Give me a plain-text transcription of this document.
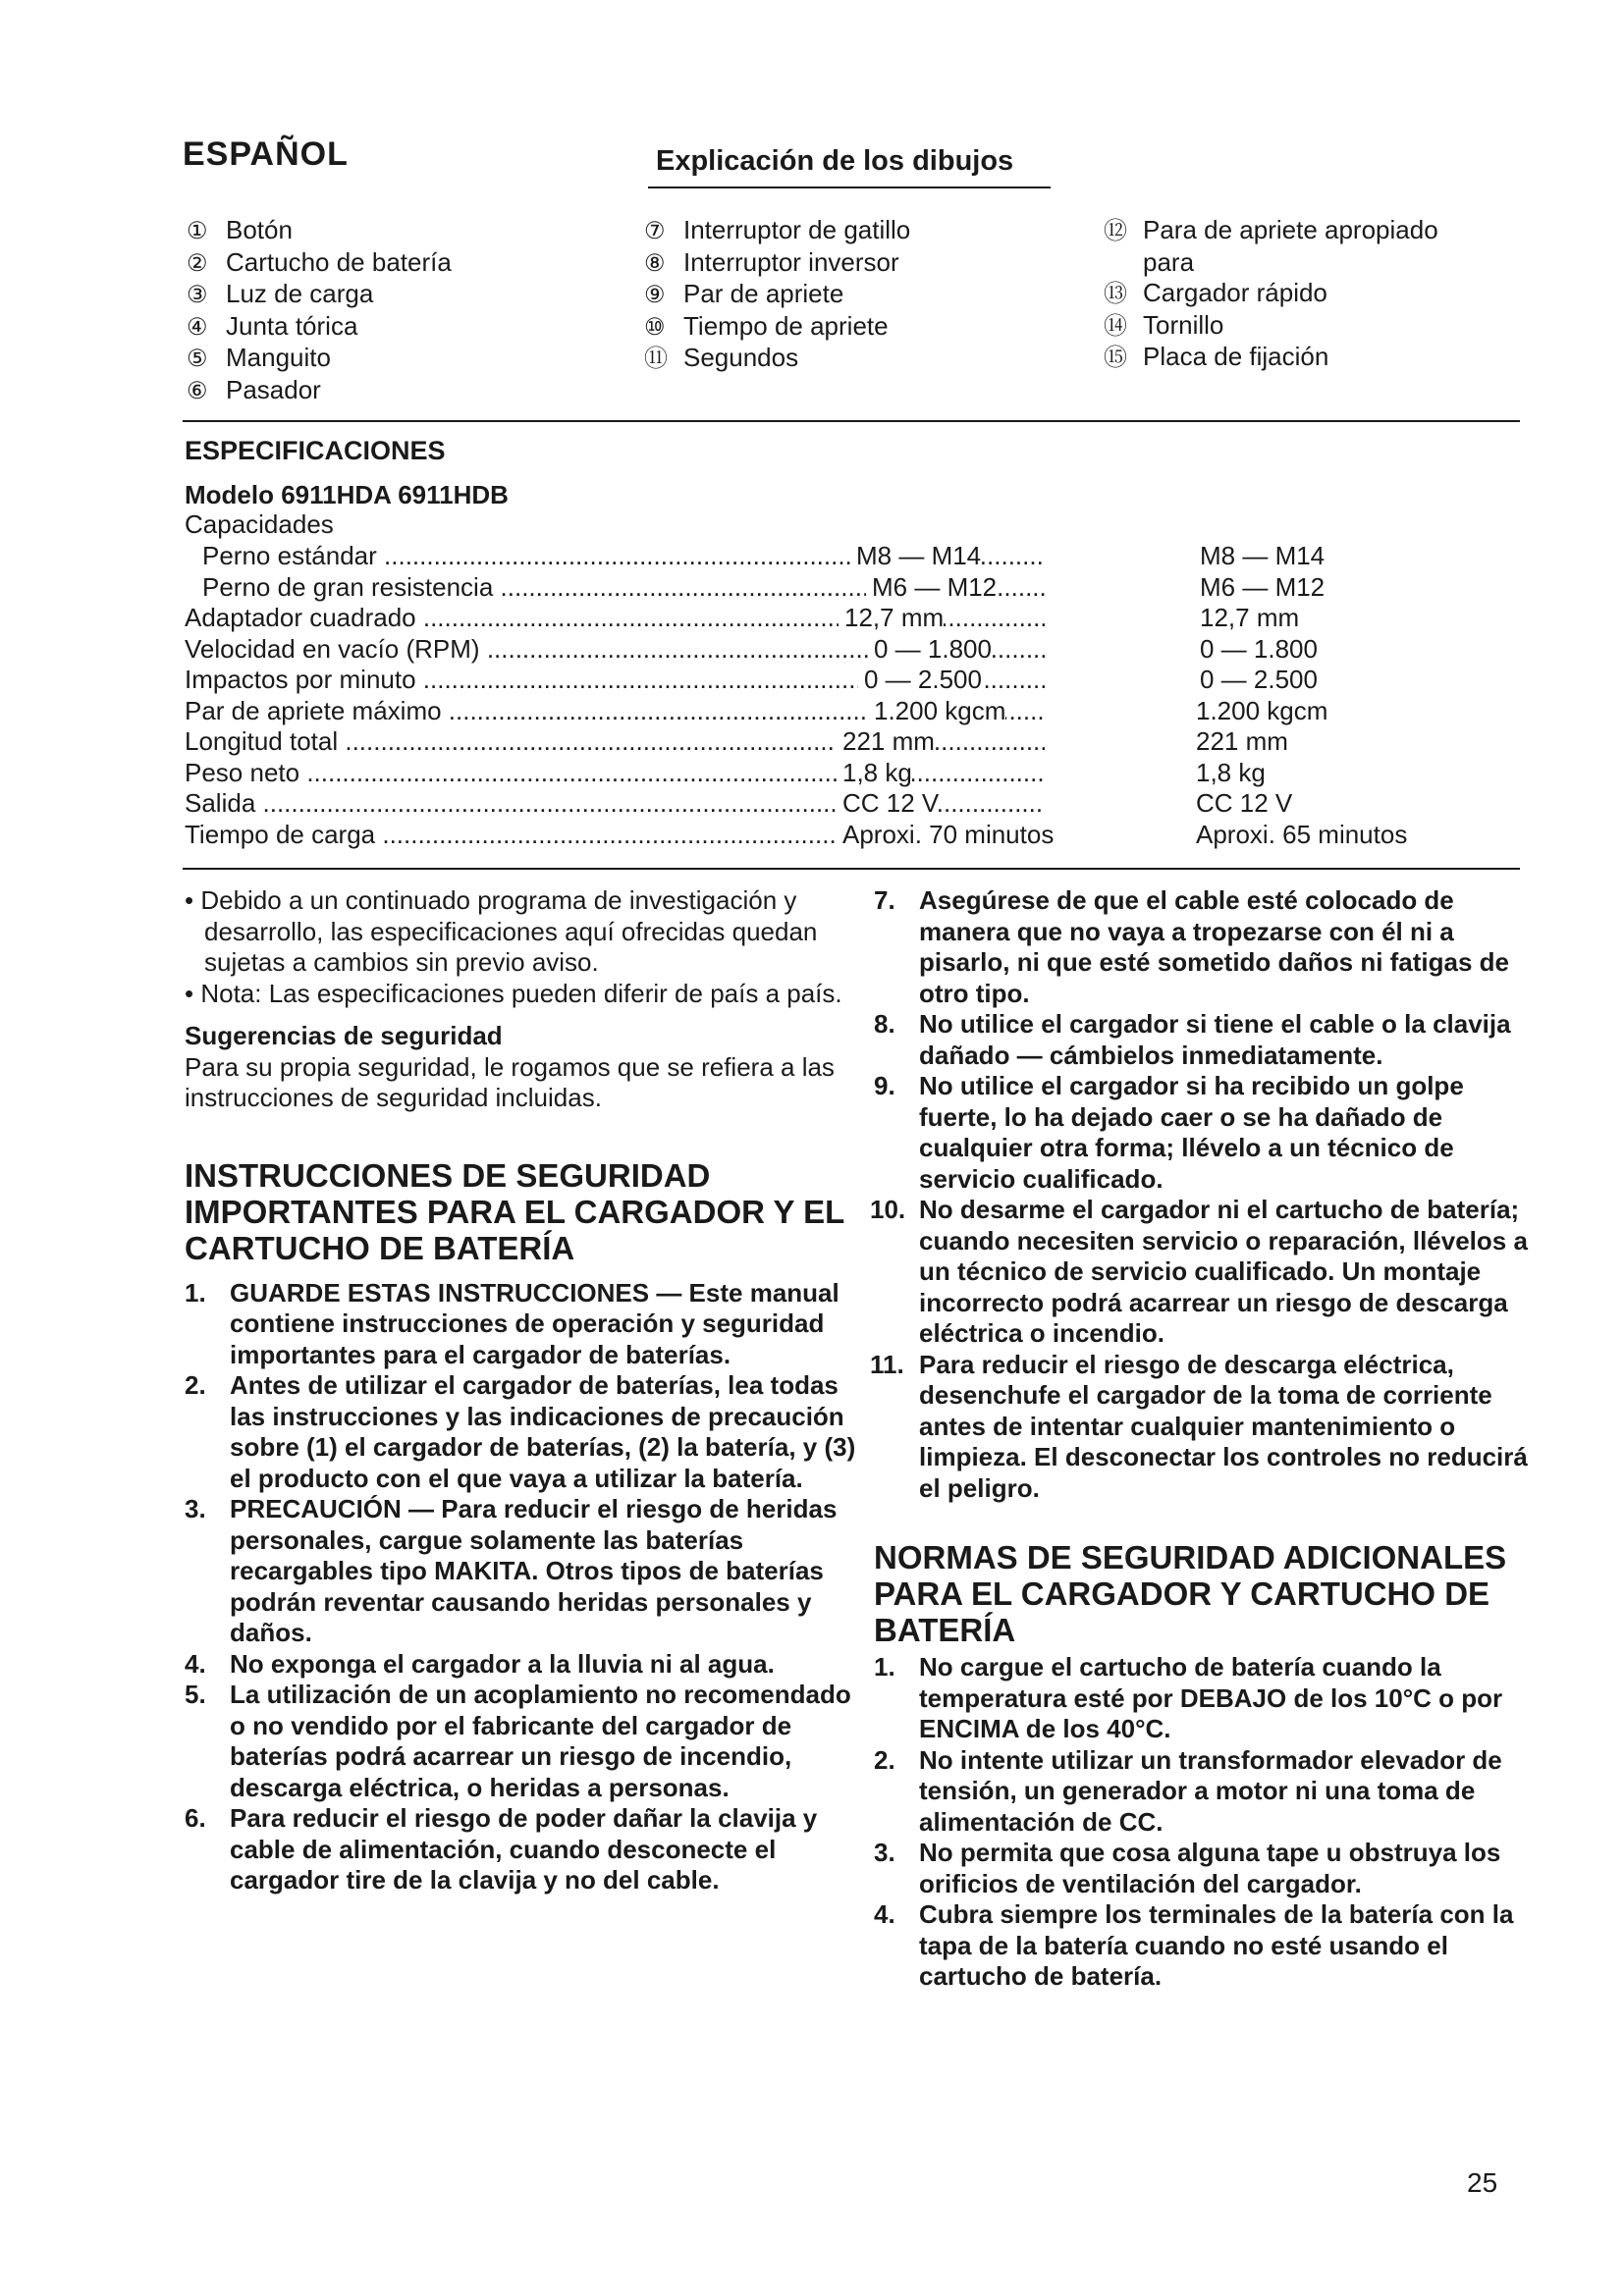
ESPAÑOL	Explicación de los dibujos
① Botón
② Cartucho de batería
③ Luz de carga
④ Junta tórica
⑤ Manguito
⑥ Pasador
⑦ Interruptor de gatillo
⑧ Interruptor inversor
⑨ Par de apriete
⑩ Tiempo de apriete
⑪ Segundos
⑫ Para de apriete apropiado
para
⑬ Cargador rápido
⑭ Tornillo
⑮ Placa de fijación
ESPECIFICACIONES
Modelo 6911HDA 6911HDB
Capacidades
Perno estándar .....	M8 — M14	M8 — M14
Perno de gran resistencia .....	M6 — M12	M6 — M12
Adaptador cuadrado .....	12,7 mm	12,7 mm
Velocidad en vacío (RPM) .....	0 — 1.800	0 — 1.800
Impactos por minuto .....	0 — 2.500	0 — 2.500
Par de apriete máximo .....	1.200 kgcm	1.200 kgcm
Longitud total .....	221 mm	221 mm
Peso neto .....	1,8 kg	1,8 kg
Salida .....	CC 12 V	CC 12 V
Tiempo de carga .....	Aproxi. 70 minutos	Aproxi. 65 minutos

• Debido a un continuado programa de investigación y desarrollo, las especificaciones aquí ofrecidas quedan sujetas a cambios sin previo aviso.

• Nota: Las especificaciones pueden diferir de país a país.

Sugerencias de seguridad

Para su propia seguridad, le rogamos que se refiera a las instrucciones de seguridad incluidas.

INSTRUCCIONES DE SEGURIDAD IMPORTANTES PARA EL CARGADOR Y EL CARTUCHO DE BATERÍA
1. GUARDE ESTAS INSTRUCCIONES — Este manual contiene instrucciones de operación y seguridad importantes para el cargador de baterías.
2. Antes de utilizar el cargador de baterías, lea todas las instrucciones y las indicaciones de precaución sobre (1) el cargador de baterías, (2) la batería, y (3) el producto con el que vaya a utilizar la batería.
3. PRECAUCIÓN — Para reducir el riesgo de heridas personales, cargue solamente las baterías recargables tipo MAKITA. Otros tipos de baterías podrán reventar causando heridas personales y daños.
4. No exponga el cargador a la lluvia ni al agua.
5. La utilización de un acoplamiento no recomendado o no vendido por el fabricante del cargador de baterías podrá acarrear un riesgo de incendio, descarga eléctrica, o heridas a personas.
6. Para reducir el riesgo de poder dañar la clavija y cable de alimentación, cuando desconecte el cargador tire de la clavija y no del cable.
7. Asegúrese de que el cable esté colocado de manera que no vaya a tropezarse con él ni a pisarlo, ni que esté sometido daños ni fatigas de otro tipo.
8. No utilice el cargador si tiene el cable o la clavija dañado — cámbielos inmediatamente.
9. No utilice el cargador si ha recibido un golpe fuerte, lo ha dejado caer o se ha dañado de cualquier otra forma; llévelo a un técnico de servicio cualificado.
10. No desarme el cargador ni el cartucho de batería; cuando necesiten servicio o reparación, llévelos a un técnico de servicio cualificado. Un montaje incorrecto podrá acarrear un riesgo de descarga eléctrica o incendio.
11. Para reducir el riesgo de descarga eléctrica, desenchufe el cargador de la toma de corriente antes de intentar cualquier mantenimiento o limpieza. El desconectar los controles no reducirá el peligro.
NORMAS DE SEGURIDAD ADICIONALES PARA EL CARGADOR Y CARTUCHO DE BATERÍA
1. No cargue el cartucho de batería cuando la temperatura esté por DEBAJO de los 10°C o por ENCIMA de los 40°C.
2. No intente utilizar un transformador elevador de tensión, un generador a motor ni una toma de alimentación de CC.
3. No permita que cosa alguna tape u obstruya los orificios de ventilación del cargador.
4. Cubra siempre los terminales de la batería con la tapa de la batería cuando no esté usando el cartucho de batería.
25
